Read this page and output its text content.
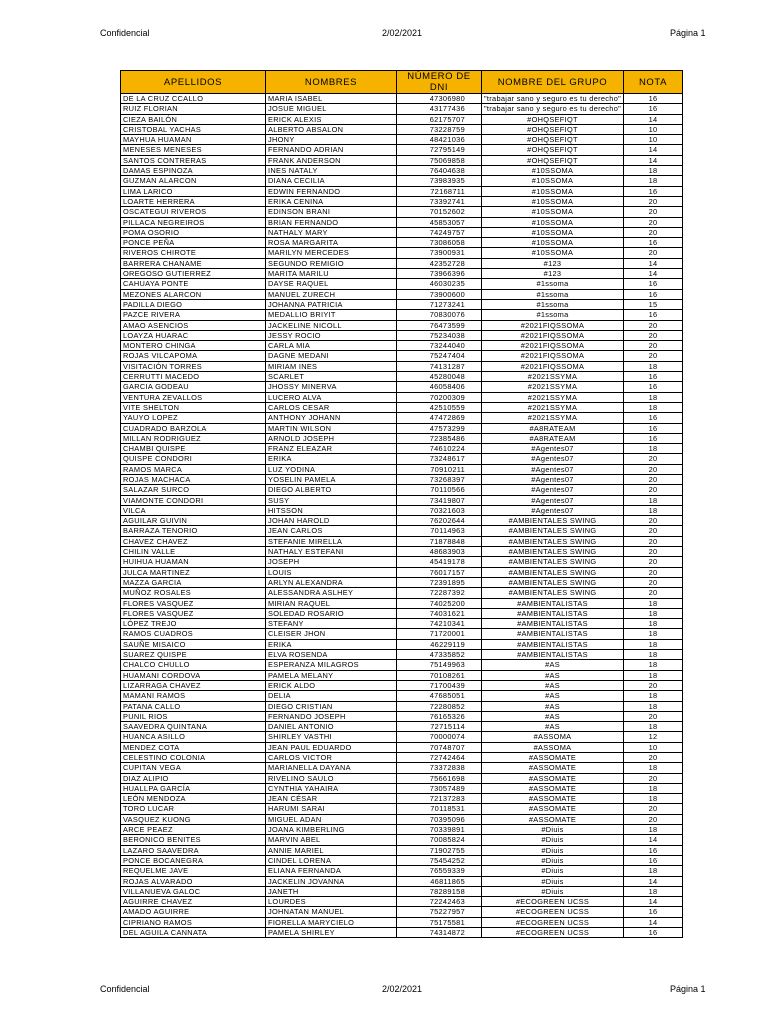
Confidencial	2/02/2021	Página 1
APELLIDOS	NOMBRES	NÚMERO DE DNI	NOMBRE DEL GRUPO	NOTA
DE LA CRUZ CCALLO	MARIA ISABEL	47306980	"trabajar sano y seguro es tu derecho"	16
RUIZ FLORIAN	JOSUE MIGUEL	43177436	"trabajar sano y seguro es tu derecho"	16
CIEZA BAILÓN	ERICK ALEXIS	62175707	#OHQSEFIQT	14
CRISTOBAL YACHAS	ALBERTO ABSALON	73228759	#OHQSEFIQT	10
MAYHUA HUAMAN	JHONY	48421036	#OHQSEFIQT	10
MENESES MENESES	FERNANDO ADRIAN	72795149	#OHQSEFIQT	14
SANTOS CONTRERAS	FRANK ANDERSON	75069858	#OHQSEFIQT	14
DAMAS ESPINOZA	INES NATALY	76404638	#10SSOMA	18
GUZMAN ALARCON	DIANA CECILIA	73983935	#10SSOMA	18
LIMA LARICO	EDWIN FERNANDO	72168711	#10SSOMA	16
LOARTE HERRERA	ERIKA CENINA	73392741	#10SSOMA	20
OSCATEGUI RIVEROS	EDINSON BRANI	70152602	#10SSOMA	20
PILLACA NEGREIROS	BRIAN FERNANDO	45853057	#10SSOMA	20
POMA OSORIO	NATHALY MARY	74249757	#10SSOMA	20
PONCE PEÑA	ROSA MARGARITA	73086058	#10SSOMA	16
RIVEROS CHIROTE	MARILYN MERCEDES	73900931	#10SSOMA	20
BARRERA CHANAME	SEGUNDO REMIGIO	42352728	#123	14
OREGOSO GUTIERREZ	MARITA MARILU	73966396	#123	14
CAHUAYA PONTE	DAYSE RAQUEL	46030235	#1ssoma	16
MEZONES ALARCON	MANUEL ZURECH	73900600	#1ssoma	16
PADILLA DIEGO	JOHANNA PATRICIA	71273241	#1ssoma	15
PAZCE RIVERA	MEDALLIO BRIYIT	70830076	#1ssoma	16
AMAO ASENCIOS	JACKELINE NICOLL	76473599	#2021FIQSSOMA	20
LOAYZA HUARAC	JESSY ROCIO	75234038	#2021FIQSSOMA	20
MONTERO CHINGA	CARLA MIA	73244040	#2021FIQSSOMA	20
ROJAS VILCAPOMA	DAGNE MEDANI	75247404	#2021FIQSSOMA	20
VISITACIÓN TORRES	MIRIAM INES	74131287	#2021FIQSSOMA	18
CERRUTTI MACEDO	SCARLET	45280048	#2021SSYMA	16
GARCIA GODEAU	JHOSSY MINERVA	46058406	#2021SSYMA	16
VENTURA ZEVALLOS	LUCERO ALVA	70200309	#2021SSYMA	18
VITE SHELTON	CARLOS CESAR	42510559	#2021SSYMA	18
YAUYO LOPEZ	ANTHONY JOHANN	47472869	#2021SSYMA	16
CUADRADO BARZOLA	MARTIN WILSON	47573299	#A8RATEAM	16
MILLAN RODRIGUEZ	ARNOLD JOSEPH	72385486	#A8RATEAM	16
CHAMBI QUISPE	FRANZ ELEAZAR	74610224	#Agentes07	18
QUISPE CONDORI	ERIKA	73248617	#Agentes07	20
RAMOS MARCA	LUZ YODINA	70910211	#Agentes07	20
ROJAS MACHACA	YOSELIN PAMELA	73268397	#Agentes07	20
SALAZAR SURCO	DIEGO ALBERTO	70110566	#Agentes07	20
VIAMONTE CONDORI	SUSY	73419807	#Agentes07	18
VILCA	HITSSON	70321603	#Agentes07	18
AGUILAR GUIVIN	JOHAN HAROLD	76202644	#AMBIENTALES SWING	20
BARRAZA TENORIO	JEAN CARLOS	70114963	#AMBIENTALES SWING	20
CHAVEZ CHAVEZ	STEFANIE MIRELLA	71878848	#AMBIENTALES SWING	20
CHILIN VALLE	NATHALY ESTEFANI	48683903	#AMBIENTALES SWING	20
HUIHUA HUAMAN	JOSEPH	45419178	#AMBIENTALES SWING	20
JULCA MARTINEZ	LOUIS	76017157	#AMBIENTALES SWING	20
MAZZA GARCIA	ARLYN ALEXANDRA	72391895	#AMBIENTALES SWING	20
MUÑOZ ROSALES	ALESSANDRA ASLHEY	72287392	#AMBIENTALES SWING	20
FLORES VASQUEZ	MIRIAN RAQUEL	74025200	#AMBIENTALISTAS	18
FLORES VASQUEZ	SOLEDAD ROSARIO	74031621	#AMBIENTALISTAS	18
LÓPEZ TREJO	STEFANY	74210341	#AMBIENTALISTAS	18
RAMOS CUADROS	CLEISER JHON	71720001	#AMBIENTALISTAS	18
SAUÑE MISAICO	ERIKA	46229119	#AMBIENTALISTAS	18
SUAREZ QUISPE	ELVA ROSENDA	47335852	#AMBIENTALISTAS	18
CHALCO CHULLO	ESPERANZA MILAGROS	75149963	#AS	18
HUAMANI CORDOVA	PAMELA MELANY	70108261	#AS	18
LIZARRAGA CHAVEZ	ERICK ALDO	71700439	#AS	20
MAMANI RAMOS	DELIA	47685051	#AS	18
PATANA CALLO	DIEGO CRISTIAN	72280852	#AS	18
PUNIL RIOS	FERNANDO JOSEPH	76165326	#AS	20
SAAVEDRA QUINTANA	DANIEL ANTONIO	72715114	#AS	18
HUANCA ASILLO	SHIRLEY VASTHI	70000074	#ASSOMA	12
MENDEZ COTA	JEAN PAUL EDUARDO	70748707	#ASSOMA	10
CELESTINO COLONIA	CARLOS VICTOR	72742464	#ASSOMATE	20
CUPITAN VEGA	MARIANELLA DAYANA	73372838	#ASSOMATE	18
DIAZ ALIPIO	RIVELINO SAULO	75661698	#ASSOMATE	20
HUALLPA GARCÍA	CYNTHIA YAHAIRA	73057489	#ASSOMATE	18
LEÓN MENDOZA	JEAN CÉSAR	72137283	#ASSOMATE	18
TORO LUCAR	HARUMI SARAI	70118531	#ASSOMATE	20
VASQUEZ KUONG	MIGUEL ADAN	70395096	#ASSOMATE	20
ARCE PEAEZ	JOANA KIMBERLING	70339891	#Diuis	18
BERONICO BENITES	MARVIN ABEL	70085824	#Diuis	14
LAZARO SAAVEDRA	ANNIE MARIEL	71902755	#Diuis	16
PONCE BOCANEGRA	CINDEL LORENA	75454252	#Diuis	16
REQUELME JAVE	ELIANA FERNANDA	76559339	#Diuis	18
ROJAS ALVARADO	JACKELIN JOVANNA	46811865	#Diuis	14
VILLANUEVA GALOC	JANETH	78289158	#Diuis	18
AGUIRRE CHAVEZ	LOURDES	72242463	#ECOGREEN UCSS	14
AMADO AGUIRRE	JOHNATAN MANUEL	75227957	#ECOGREEN UCSS	16
CIPRIANO RAMOS	FIORELLA MARYCIELO	75175581	#ECOGREEN UCSS	14
DEL AGUILA CANNATA	PAMELA SHIRLEY	74314872	#ECOGREEN UCSS	16
Confidencial	2/02/2021	Página 1
